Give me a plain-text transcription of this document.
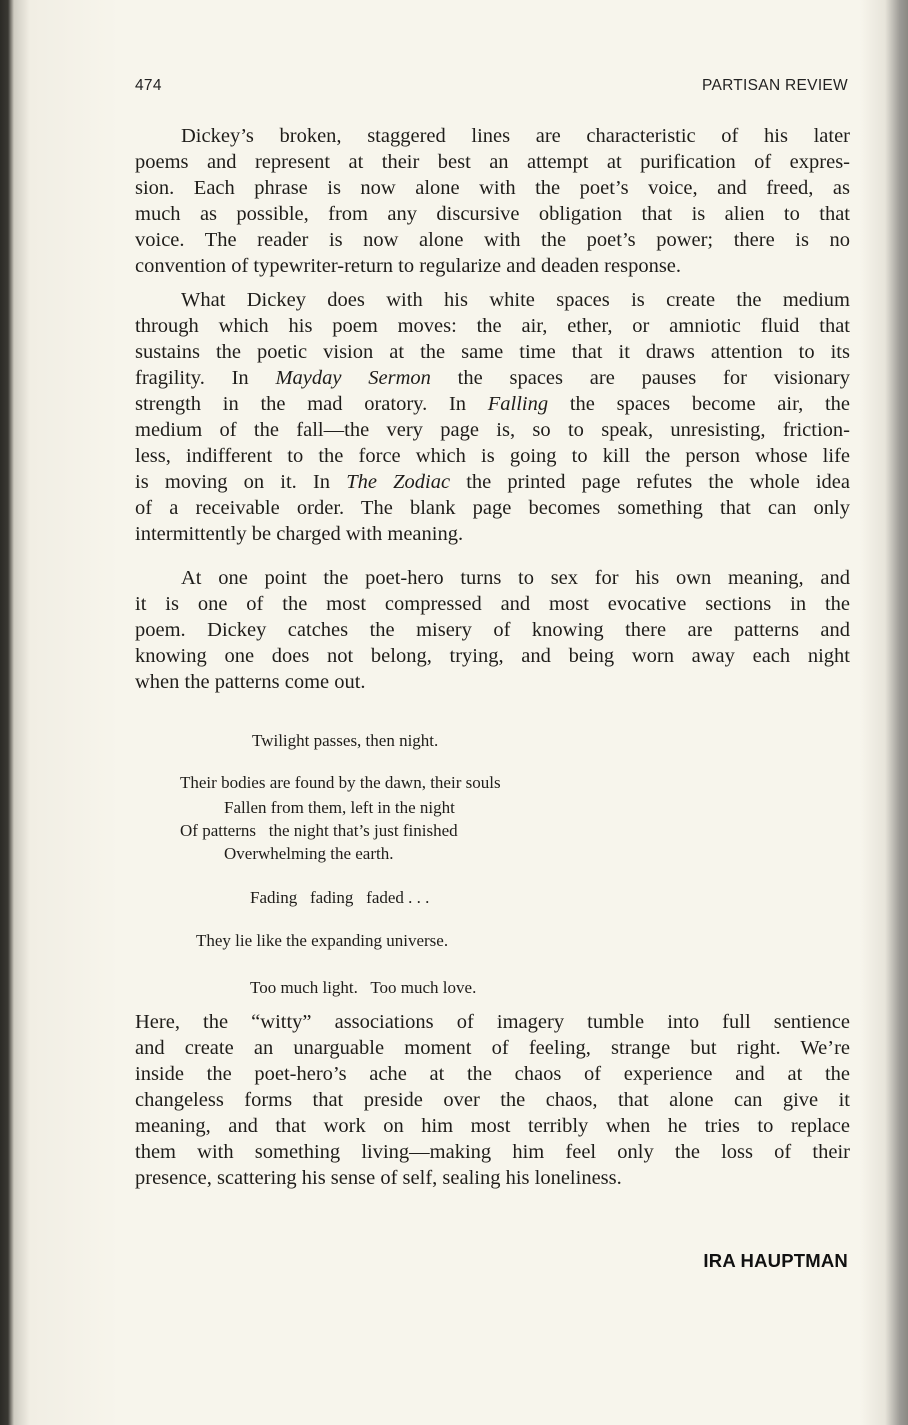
474	PARTISAN REVIEW
Dickey’s broken, staggered lines are characteristic of his later
poems and represent at their best an attempt at purification of expres-
sion. Each phrase is now alone with the poet’s voice, and freed, as
much as possible, from any discursive obligation that is alien to that
voice. The reader is now alone with the poet’s power; there is no
convention of typewriter-return to regularize and deaden response.
What Dickey does with his white spaces is create the medium
through which his poem moves: the air, ether, or amniotic fluid that
sustains the poetic vision at the same time that it draws attention to its
fragility. In Mayday Sermon the spaces are pauses for visionary
strength in the mad oratory. In Falling the spaces become air, the
medium of the fall—the very page is, so to speak, unresisting, friction-
less, indifferent to the force which is going to kill the person whose life
is moving on it. In The Zodiac the printed page refutes the whole idea
of a receivable order. The blank page becomes something that can only
intermittently be charged with meaning.
At one point the poet-hero turns to sex for his own meaning, and
it is one of the most compressed and most evocative sections in the
poem. Dickey catches the misery of knowing there are patterns and
knowing one does not belong, trying, and being worn away each night
when the patterns come out.
Here, the “witty” associations of imagery tumble into full sentience
and create an unarguable moment of feeling, strange but right. We’re
inside the poet-hero’s ache at the chaos of experience and at the
changeless forms that preside over the chaos, that alone can give it
meaning, and that work on him most terribly when he tries to replace
them with something living—making him feel only the loss of their
presence, scattering his sense of self, sealing his loneliness.
Twilight passes, then night.
Their bodies are found by the dawn, their souls
Fallen from them, left in the night
Of patterns   the night that’s just finished
Overwhelming the earth.
Fading   fading   faded . . .
They lie like the expanding universe.
Too much light.   Too much love.
IRA HAUPTMAN
